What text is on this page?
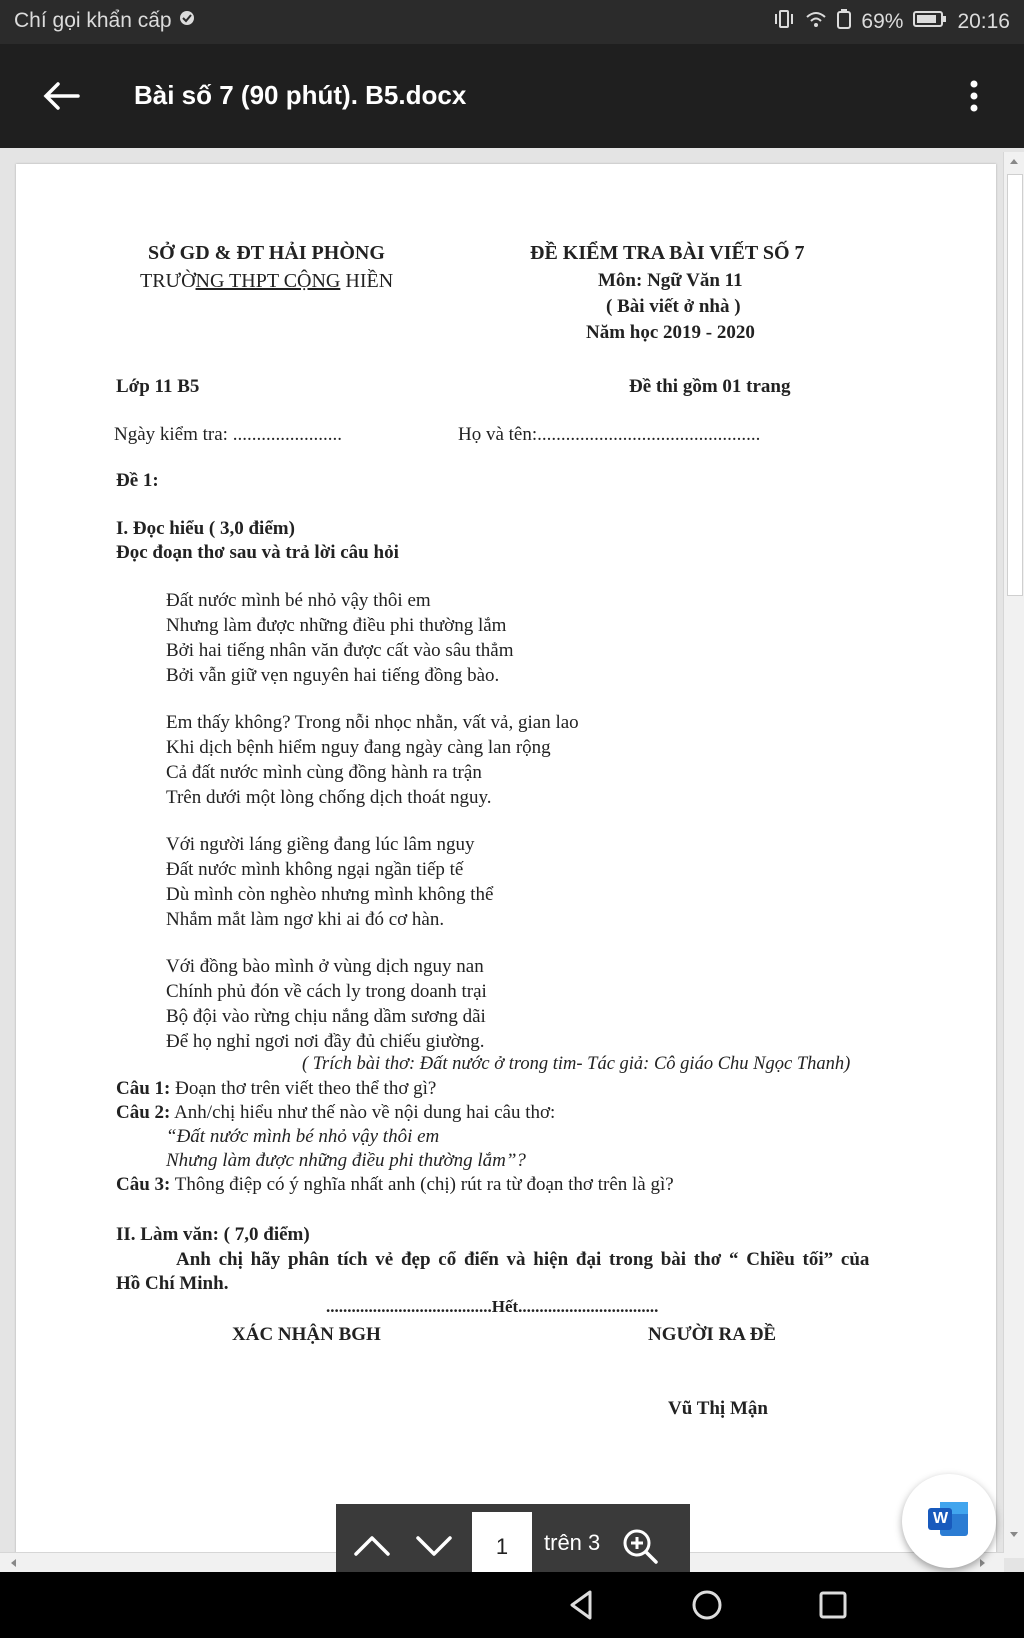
Chí gọi khẩn cấp	69%	20:16
Bài số 7 (90 phút). B5.docx
SỞ GD & ĐT HẢI PHÒNG
TRƯỜNG THPT CỘNG HIỀN
ĐỀ KIỂM TRA BÀI VIẾT SỐ 7
Môn: Ngữ Văn 11
( Bài viết ở nhà )
Năm học 2019 - 2020
Lớp 11 B5	Đề thi gồm 01 trang
Ngày kiểm tra: .......................	Họ và tên:...............................................
Đề 1:
I. Đọc hiểu ( 3,0 điểm)
Đọc đoạn thơ sau và trả lời câu hỏi
Đất nước mình bé nhỏ vậy thôi em
Nhưng làm được những điều phi thường lắm
Bởi hai tiếng nhân văn được cất vào sâu thẳm
Bởi vẫn giữ vẹn nguyên hai tiếng đồng bào.
Em thấy không? Trong nỗi nhọc nhằn, vất vả, gian lao
Khi dịch bệnh hiểm nguy đang ngày càng lan rộng
Cả đất nước mình cùng đồng hành ra trận
Trên dưới một lòng chống dịch thoát nguy.
Với người láng giềng đang lúc lâm nguy
Đất nước mình không ngại ngần tiếp tế
Dù mình còn nghèo nhưng mình không thể
Nhắm mắt làm ngơ khi ai đó cơ hàn.
Với đồng bào mình ở vùng dịch nguy nan
Chính phủ đón về cách ly trong doanh trại
Bộ đội vào rừng chịu nắng dầm sương dãi
Để họ nghỉ ngơi nơi đầy đủ chiếu giường.
( Trích bài thơ: Đất nước ở trong tim- Tác giả: Cô giáo Chu Ngọc Thanh)
Câu 1: Đoạn thơ trên viết theo thể thơ gì?
Câu 2: Anh/chị hiểu như thế nào về nội dung hai câu thơ:
“Đất nước mình bé nhỏ vậy thôi em
Nhưng làm được những điều phi thường lắm”?
Câu 3: Thông điệp có ý nghĩa nhất anh (chị) rút ra từ đoạn thơ trên là gì?
II. Làm văn: ( 7,0 điểm)
Anh chị hãy phân tích vẻ đẹp cổ điển và hiện đại trong bài thơ “ Chiều tối” của
Hồ Chí Minh.
.......................................Hết.................................
XÁC NHẬN BGH	NGƯỜI RA ĐỀ
Vũ Thị Mận
1	trên 3
W
